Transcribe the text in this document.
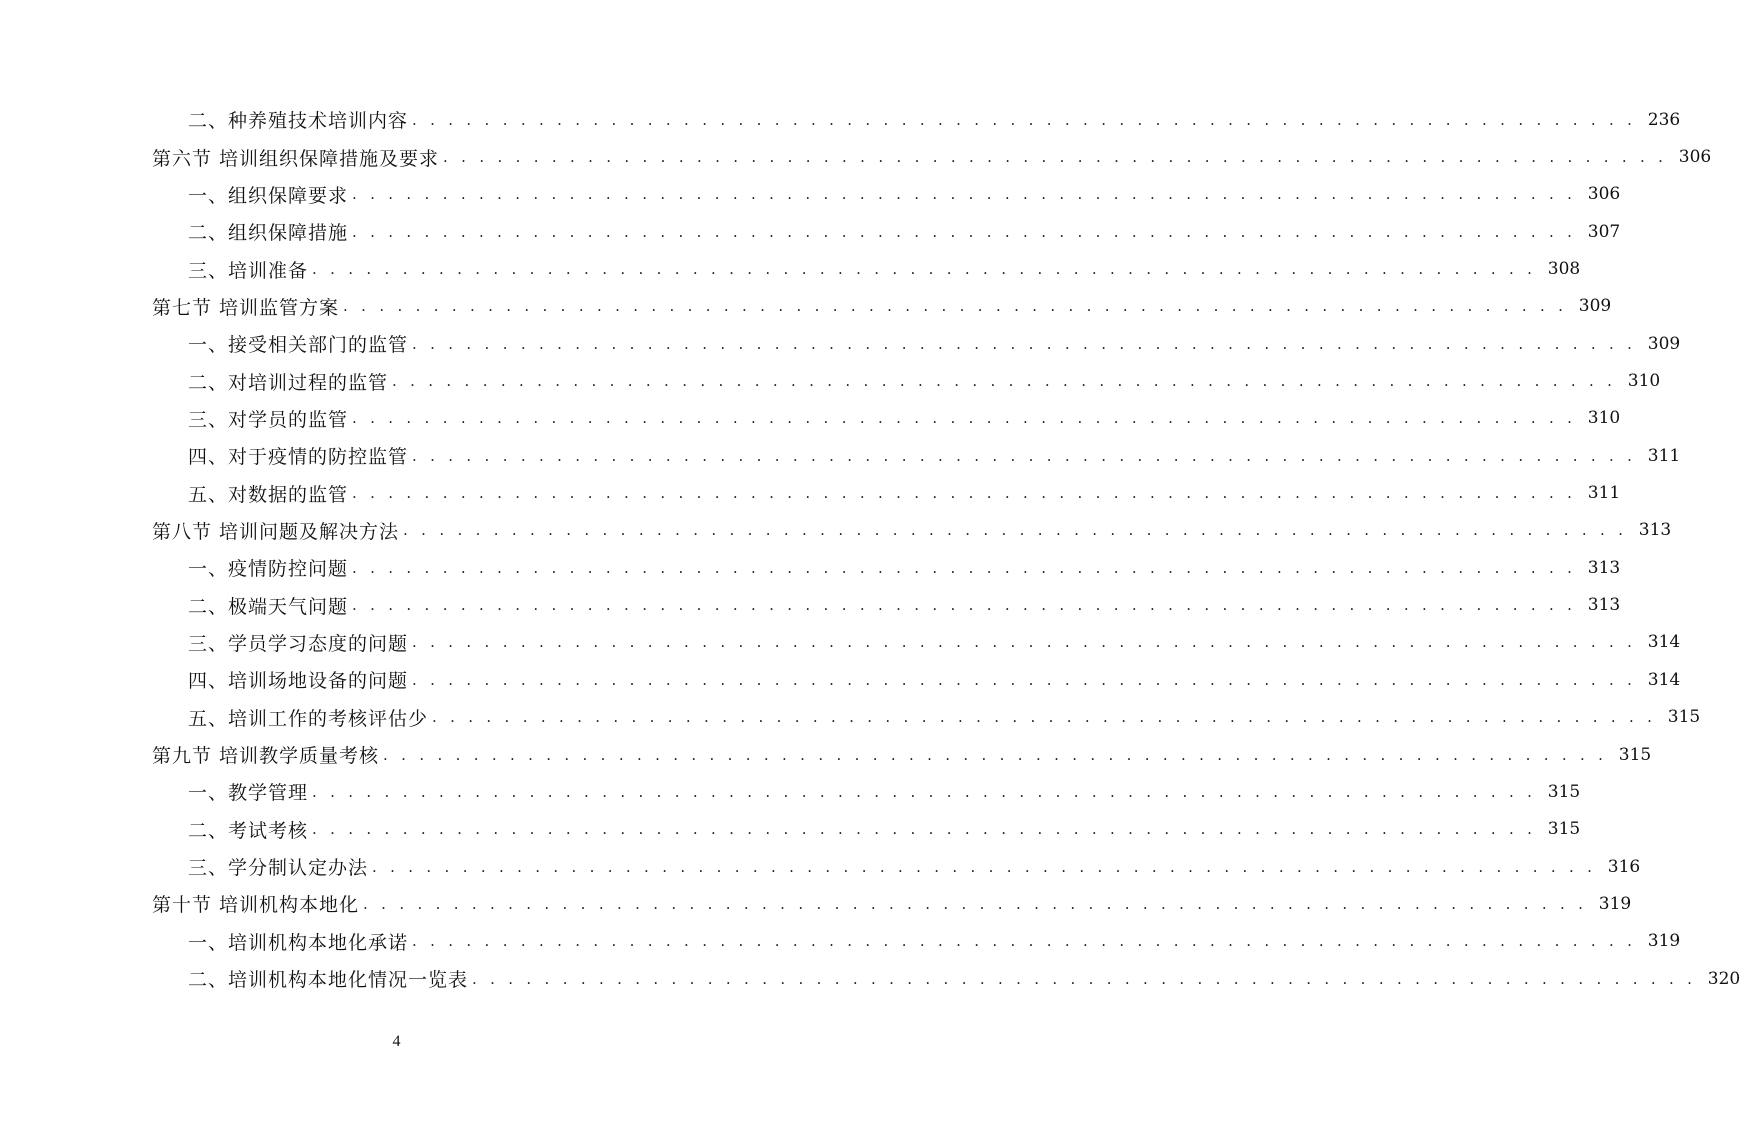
二、种养殖技术培训内容 . . . . . . . . . . . . . . . . . . . . . . . . . . . . . . . . . . . . . . . . . . . . . . . . . . . . . . . . . . . . . . . . . . . . 236
第六节 培训组织保障措施及要求 . . . . . . . . . . . . . . . . . . . . . . . . . . . . . . . . . . . . . . . . . . . . . . . . . . . . . . . . . . . . . . . . . . . . 306
一、组织保障要求 . . . . . . . . . . . . . . . . . . . . . . . . . . . . . . . . . . . . . . . . . . . . . . . . . . . . . . . . . . . . . . . . . . . . 306
二、组织保障措施 . . . . . . . . . . . . . . . . . . . . . . . . . . . . . . . . . . . . . . . . . . . . . . . . . . . . . . . . . . . . . . . . . . . . 307
三、培训准备 . . . . . . . . . . . . . . . . . . . . . . . . . . . . . . . . . . . . . . . . . . . . . . . . . . . . . . . . . . . . . . . . . . . . 308
第七节 培训监管方案 . . . . . . . . . . . . . . . . . . . . . . . . . . . . . . . . . . . . . . . . . . . . . . . . . . . . . . . . . . . . . . . . . . . . 309
一、接受相关部门的监管 . . . . . . . . . . . . . . . . . . . . . . . . . . . . . . . . . . . . . . . . . . . . . . . . . . . . . . . . . . . . . . . . . . . . 309
二、对培训过程的监管 . . . . . . . . . . . . . . . . . . . . . . . . . . . . . . . . . . . . . . . . . . . . . . . . . . . . . . . . . . . . . . . . . . . . 310
三、对学员的监管 . . . . . . . . . . . . . . . . . . . . . . . . . . . . . . . . . . . . . . . . . . . . . . . . . . . . . . . . . . . . . . . . . . . . 310
四、对于疫情的防控监管 . . . . . . . . . . . . . . . . . . . . . . . . . . . . . . . . . . . . . . . . . . . . . . . . . . . . . . . . . . . . . . . . . . . . 311
五、对数据的监管 . . . . . . . . . . . . . . . . . . . . . . . . . . . . . . . . . . . . . . . . . . . . . . . . . . . . . . . . . . . . . . . . . . . . 311
第八节 培训问题及解决方法 . . . . . . . . . . . . . . . . . . . . . . . . . . . . . . . . . . . . . . . . . . . . . . . . . . . . . . . . . . . . . . . . . . . . 313
一、疫情防控问题 . . . . . . . . . . . . . . . . . . . . . . . . . . . . . . . . . . . . . . . . . . . . . . . . . . . . . . . . . . . . . . . . . . . . 313
二、极端天气问题 . . . . . . . . . . . . . . . . . . . . . . . . . . . . . . . . . . . . . . . . . . . . . . . . . . . . . . . . . . . . . . . . . . . . 313
三、学员学习态度的问题 . . . . . . . . . . . . . . . . . . . . . . . . . . . . . . . . . . . . . . . . . . . . . . . . . . . . . . . . . . . . . . . . . . . . 314
四、培训场地设备的问题 . . . . . . . . . . . . . . . . . . . . . . . . . . . . . . . . . . . . . . . . . . . . . . . . . . . . . . . . . . . . . . . . . . . . 314
五、培训工作的考核评估少 . . . . . . . . . . . . . . . . . . . . . . . . . . . . . . . . . . . . . . . . . . . . . . . . . . . . . . . . . . . . . . . . . . . . 315
第九节 培训教学质量考核 . . . . . . . . . . . . . . . . . . . . . . . . . . . . . . . . . . . . . . . . . . . . . . . . . . . . . . . . . . . . . . . . . . . . 315
一、教学管理 . . . . . . . . . . . . . . . . . . . . . . . . . . . . . . . . . . . . . . . . . . . . . . . . . . . . . . . . . . . . . . . . . . . . 315
二、考试考核 . . . . . . . . . . . . . . . . . . . . . . . . . . . . . . . . . . . . . . . . . . . . . . . . . . . . . . . . . . . . . . . . . . . . 315
三、学分制认定办法 . . . . . . . . . . . . . . . . . . . . . . . . . . . . . . . . . . . . . . . . . . . . . . . . . . . . . . . . . . . . . . . . . . . . 316
第十节 培训机构本地化 . . . . . . . . . . . . . . . . . . . . . . . . . . . . . . . . . . . . . . . . . . . . . . . . . . . . . . . . . . . . . . . . . . . . 319
一、培训机构本地化承诺 . . . . . . . . . . . . . . . . . . . . . . . . . . . . . . . . . . . . . . . . . . . . . . . . . . . . . . . . . . . . . . . . . . . . 319
二、培训机构本地化情况一览表 . . . . . . . . . . . . . . . . . . . . . . . . . . . . . . . . . . . . . . . . . . . . . . . . . . . . . . . . . . . . . . . . . . . . 320
4
